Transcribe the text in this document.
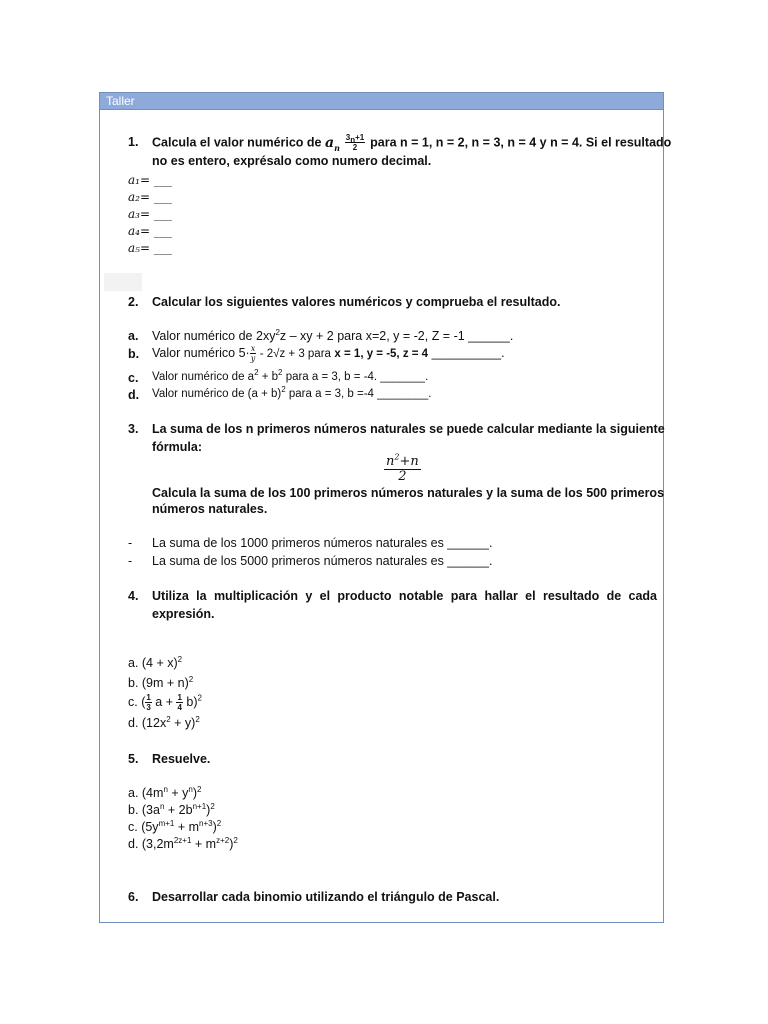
Taller
1. Calcula el valor numérico de $a_n \frac{3_n+1}{2}$ para n = 1, n = 2, n = 3, n = 4 y n = 4. Si el resultado
no es entero, exprésalo como numero decimal.
a₁= ___
a₂= ___
a₃= ___
a₄= ___
a₅= ___
2. Calcular los siguientes valores numéricos y comprueba el resultado.
a. Valor numérico de $2xy^2z$ – xy + 2 para x=2, y = -2, Z = -1 ______.
b. Valor numérico $5\cdot \frac{x}{y} - 2√z + 3$ para x = 1, y = -5, z = 4 __________.
c. Valor numérico de $a^2 + b^2$ para a = 3, b = -4. _______.
d. Valor numérico de $(a + b)^2$ para a = 3, b =-4 ________.
3. La suma de los n primeros números naturales se puede calcular mediante la siguiente
fórmula:
$\frac{n^2+n}{2}$
Calcula la suma de los 100 primeros números naturales y la suma de los 500 primeros
números naturales.
- La suma de los 1000 primeros números naturales es ______.
- La suma de los 5000 primeros números naturales es ______.
4. Utiliza la multiplicación y el producto notable para hallar el resultado de cada
expresión.
a. $(4 + x)^2$
b. $(9m + n)^2$
c. ( $\frac{1}{3}$ $a + \frac{1}{4} b)^2$
d. $(12x^2 + y)^2$
5. Resuelve.
a. $(4m^n + y^n)^2$
b. $(3a^n + 2b^{n+1})^2$
c. $(5y^{m+1} + m^{n+3})^2$
d. $(3,2m^{2z+1} + m^{z+2})^2$
6. Desarrollar cada binomio utilizando el triángulo de Pascal.
